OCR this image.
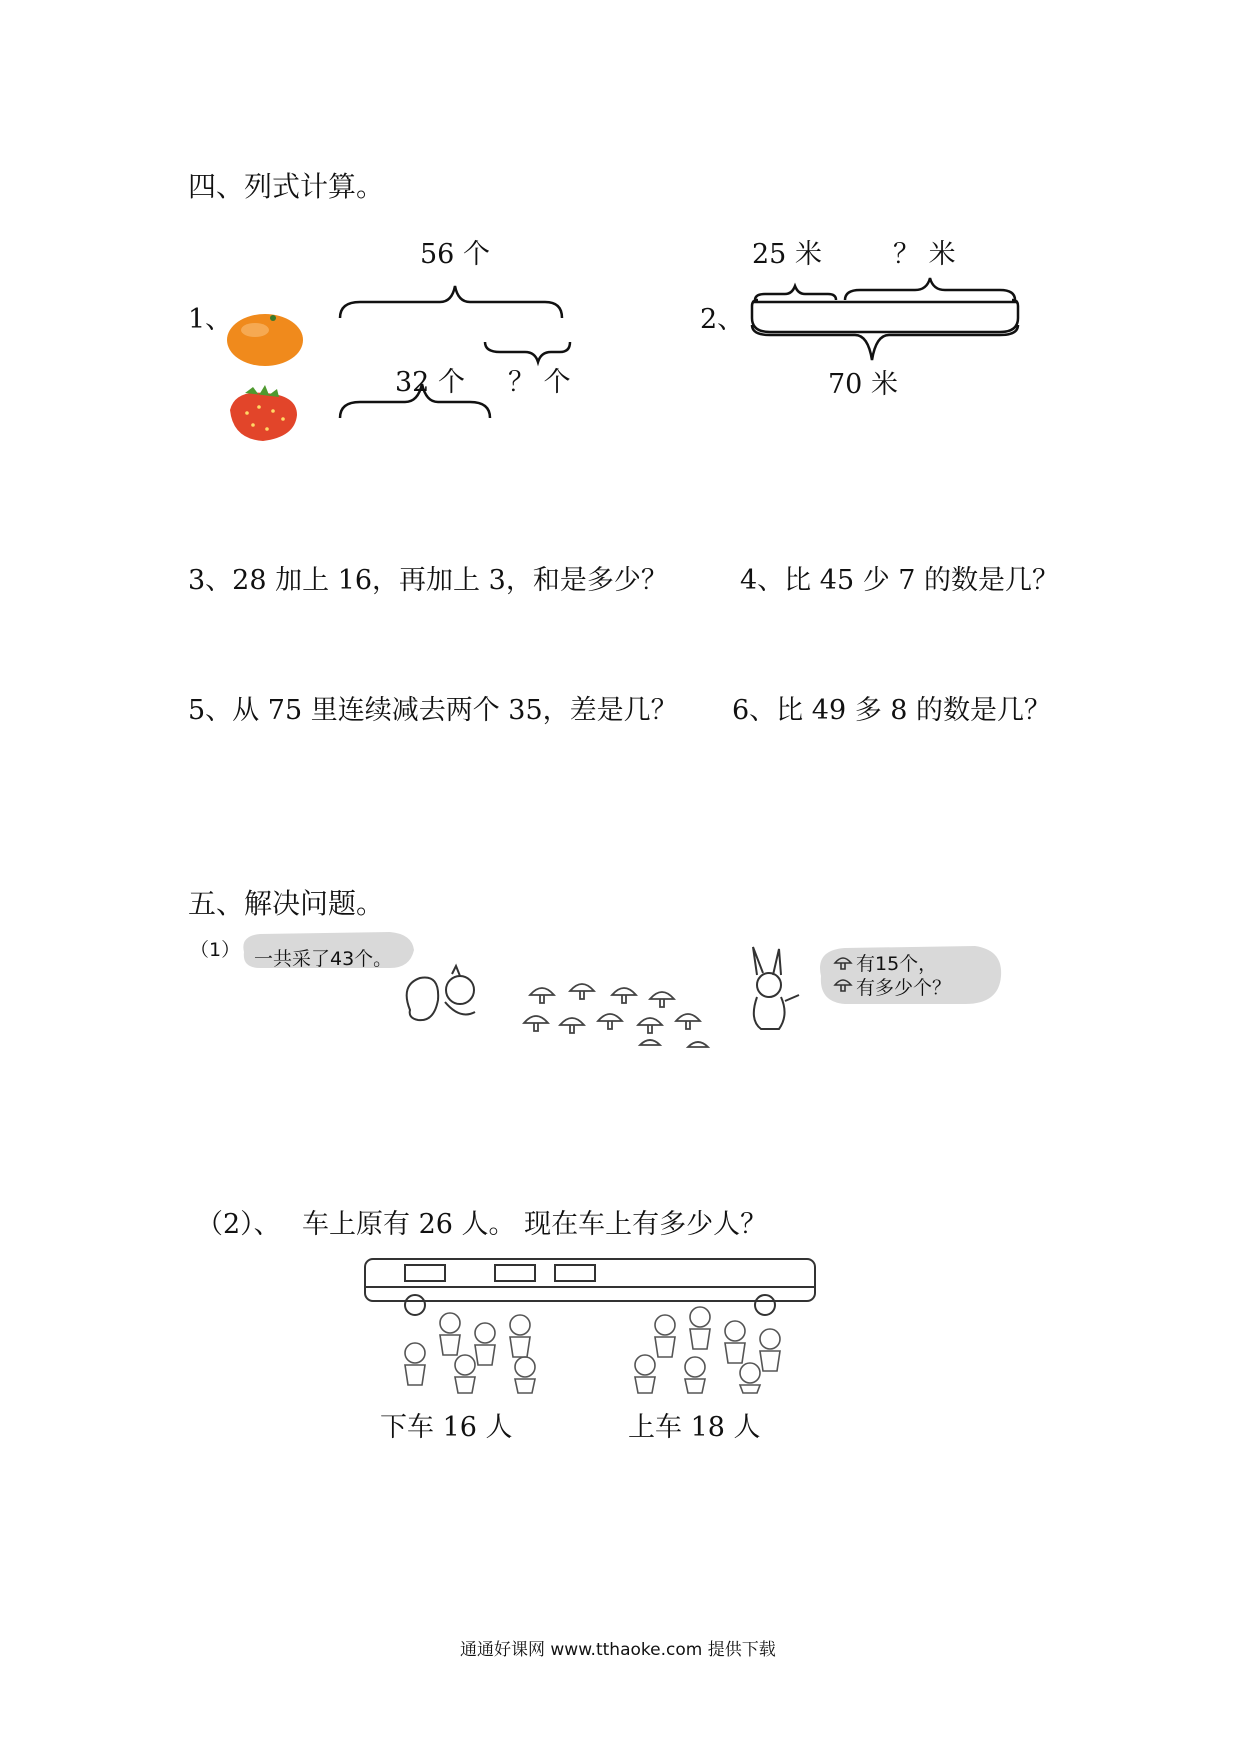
四、列式计算。
1、
56 个
32 个 ？ 个
2、
25 米	？ 米
70 米
3、28 加上 16，再加上 3，和是多少？	4、比 45 少 7 的数是几？
5、从 75 里连续减去两个 35，差是几？ 6、比 49 多 8 的数是几？
五、解决问题。
（1） 一共采了43个。	有15个，
有多少个？
（2）、 车上原有 26 人。 现在车上有多少人？
下车 16 人	上车 18 人
通通好课网 www.tthaoke.com 提供下载
